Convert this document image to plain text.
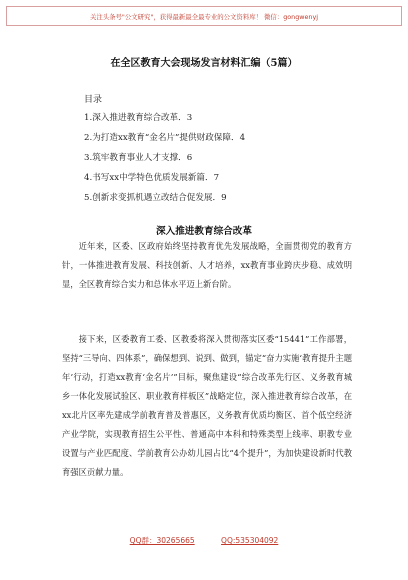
关注头条号"公文研究"，获得最新最全最专业的公文资料库！ 微信：gongwenyj
在全区教育大会现场发言材料汇编（5篇）
目录
1.深入推进教育综合改革．3
2.为打造xx教育“金名片”提供财政保障．4
3.筑牢教育事业人才支撑．6
4.书写xx中学特色优质发展新篇．7
5.创新求变抓机遇立改结合促发展．9
深入推进教育综合改革
近年来，区委、区政府始终坚持教育优先发展战略，全面贯彻党的教育方针，一体推进教育发展、科技创新、人才培养，xx教育事业跨庆步稳、成效明显，全区教育综合实力和总体水平迈上新台阶。
接下来，区委教育工委、区教委将深入贯彻落实区委“15441”工作部署，坚持“三导向、四体系”，确保想到、说到、做到，锚定“奋力实施‘教育提升主题年’行动，打造xx教育‘金名片’”目标，聚焦建设“综合改革先行区、义务教育城乡一体化发展试验区、职业教育样板区”战略定位，深入推进教育综合改革，在xx北片区率先建成学前教育普及普惠区，义务教育优质均衡区、首个低空经济产业学院，实现教育招生公平性、普通高中本科和特殊类型上线率、职教专业设置与产业匹配度、学前教育公办幼儿园占比“4个提升”，为加快建设新时代教育强区贡献力量。
QQ群：30265665	QQ:535304092
